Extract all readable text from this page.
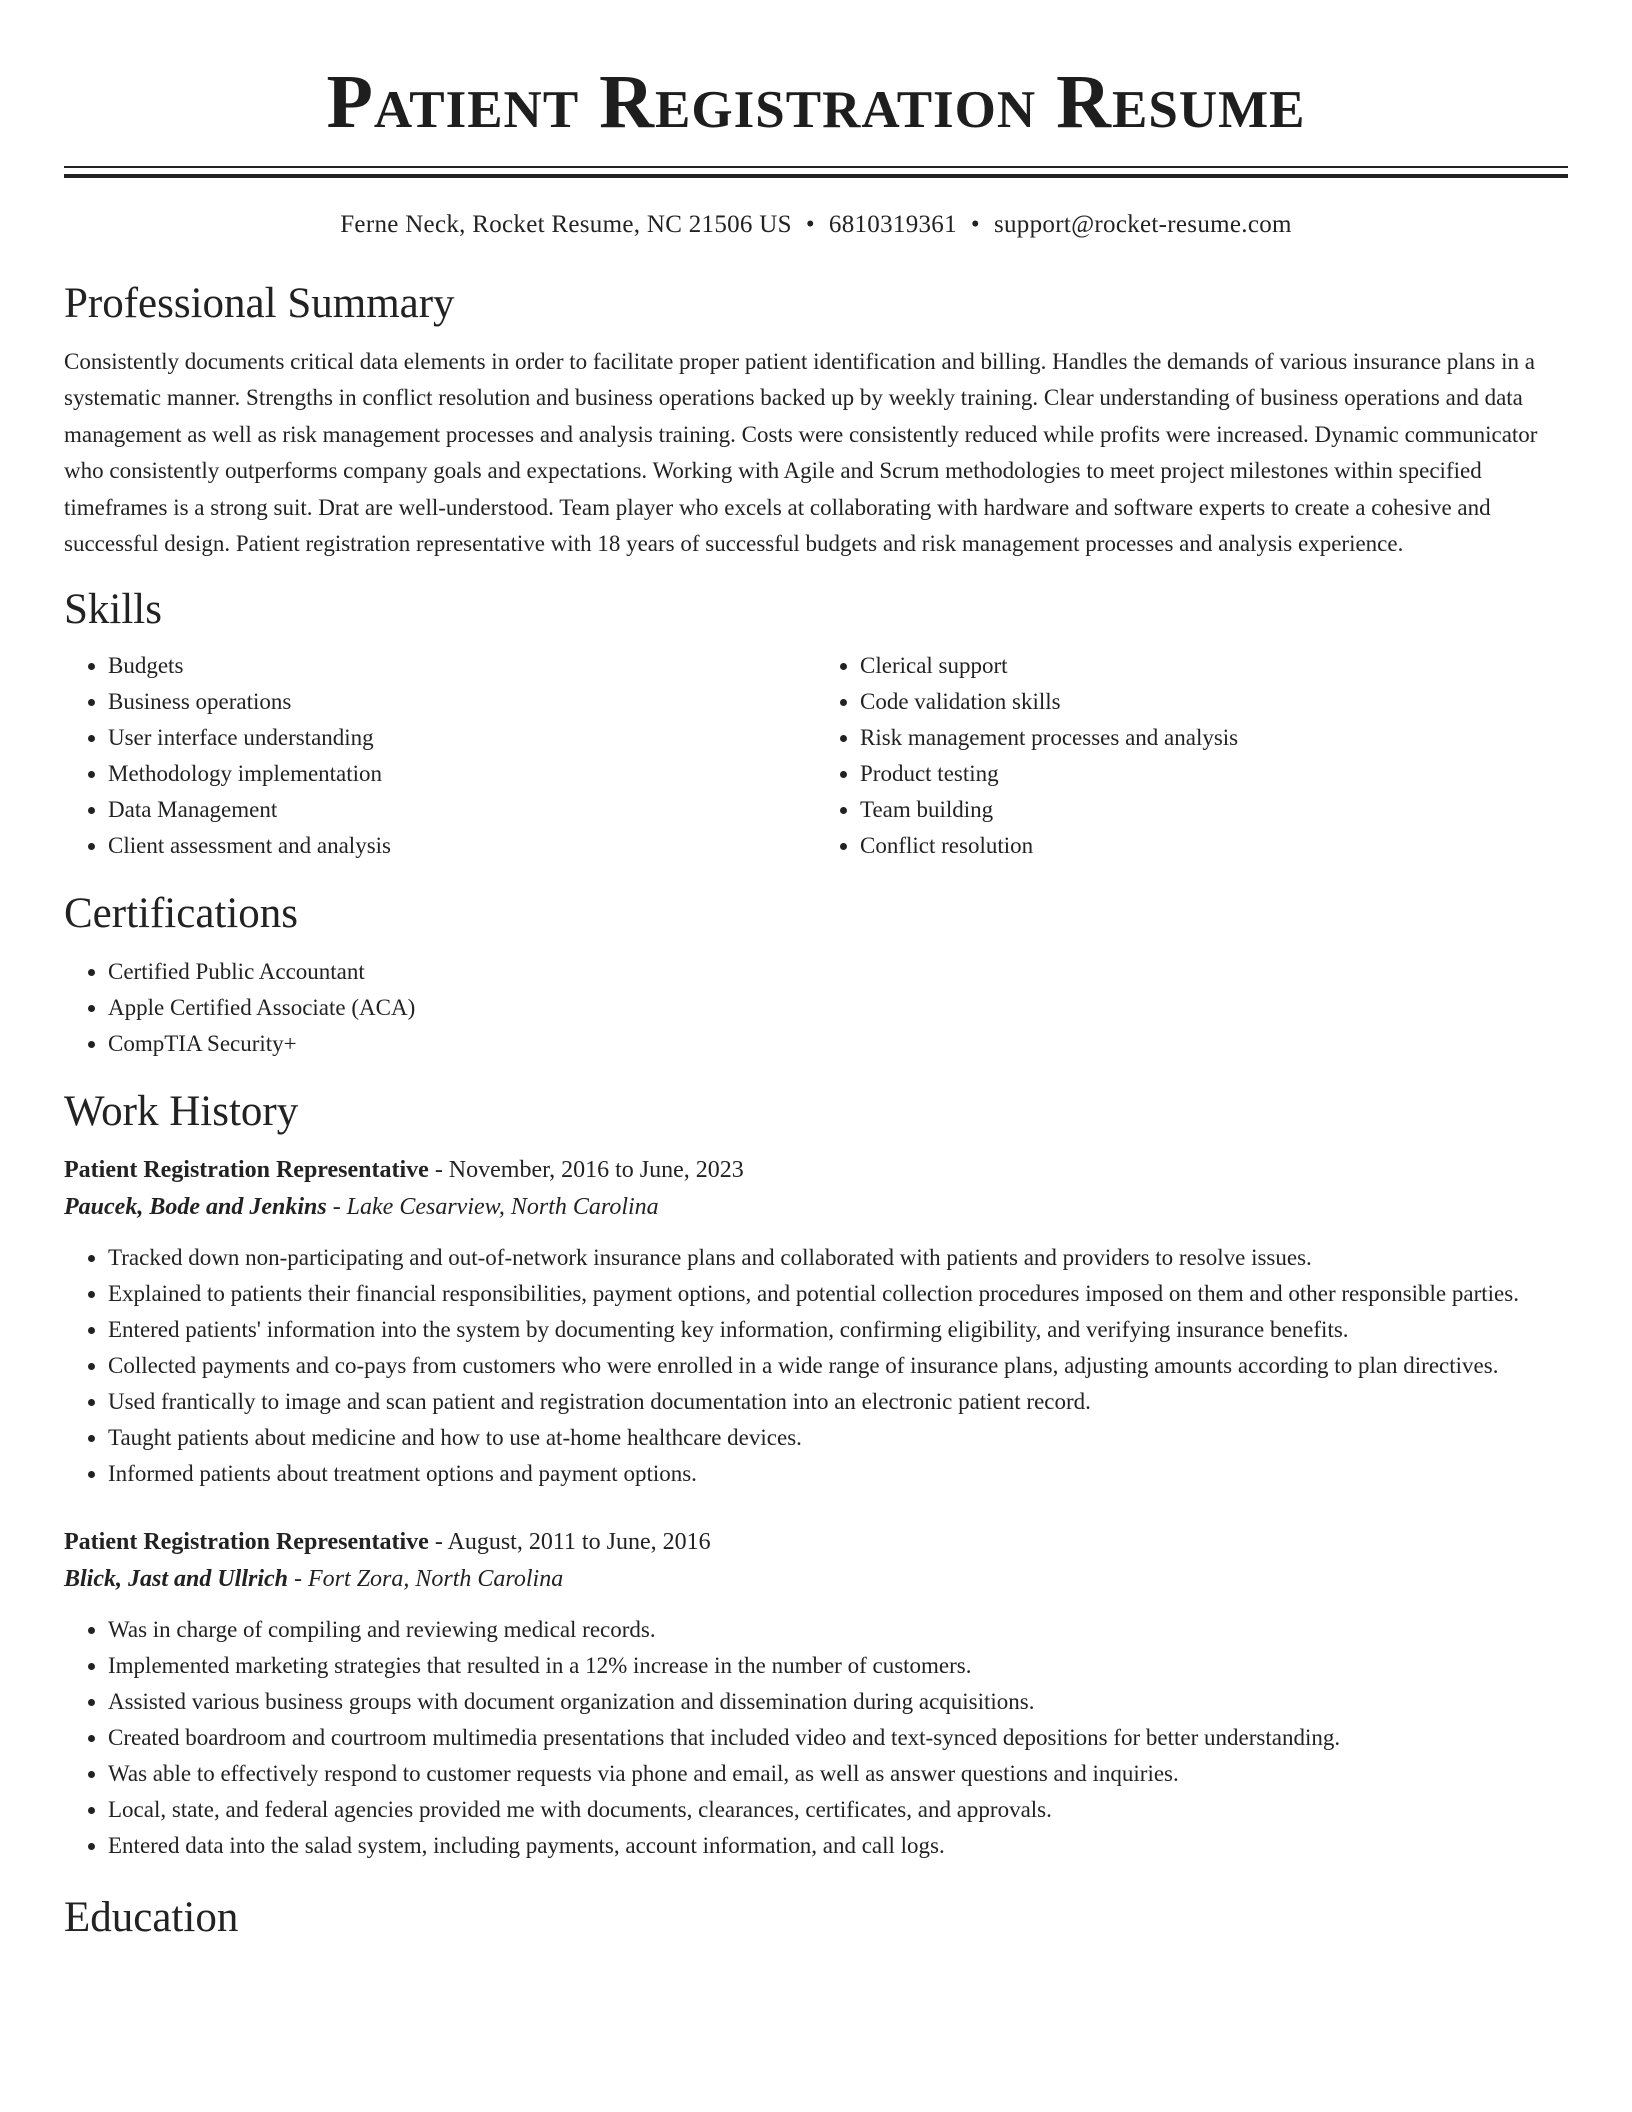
Patient Registration Resume
Ferne Neck, Rocket Resume, NC 21506 US • 6810319361 • support@rocket-resume.com
Professional Summary

Consistently documents critical data elements in order to facilitate proper patient identification and billing. Handles the demands of various insurance plans in a systematic manner. Strengths in conflict resolution and business operations backed up by weekly training. Clear understanding of business operations and data management as well as risk management processes and analysis training. Costs were consistently reduced while profits were increased. Dynamic communicator who consistently outperforms company goals and expectations. Working with Agile and Scrum methodologies to meet project milestones within specified timeframes is a strong suit. Drat are well-understood. Team player who excels at collaborating with hardware and software experts to create a cohesive and successful design. Patient registration representative with 18 years of successful budgets and risk management processes and analysis experience.

Skills
• Budgets
• Business operations
• User interface understanding
• Methodology implementation
• Data Management
• Client assessment and analysis
• Clerical support
• Code validation skills
• Risk management processes and analysis
• Product testing
• Team building
• Conflict resolution
Certifications
• Certified Public Accountant
• Apple Certified Associate (ACA)
• CompTIA Security+
Work History
Patient Registration Representative - November, 2016 to June, 2023
Paucek, Bode and Jenkins - Lake Cesarview, North Carolina
• Tracked down non-participating and out-of-network insurance plans and collaborated with patients and providers to resolve issues.
• Explained to patients their financial responsibilities, payment options, and potential collection procedures imposed on them and other responsible parties.
• Entered patients' information into the system by documenting key information, confirming eligibility, and verifying insurance benefits.
• Collected payments and co-pays from customers who were enrolled in a wide range of insurance plans, adjusting amounts according to plan directives.
• Used frantically to image and scan patient and registration documentation into an electronic patient record.
• Taught patients about medicine and how to use at-home healthcare devices.
• Informed patients about treatment options and payment options.
Patient Registration Representative - August, 2011 to June, 2016
Blick, Jast and Ullrich - Fort Zora, North Carolina
• Was in charge of compiling and reviewing medical records.
• Implemented marketing strategies that resulted in a 12% increase in the number of customers.
• Assisted various business groups with document organization and dissemination during acquisitions.
• Created boardroom and courtroom multimedia presentations that included video and text-synced depositions for better understanding.
• Was able to effectively respond to customer requests via phone and email, as well as answer questions and inquiries.
• Local, state, and federal agencies provided me with documents, clearances, certificates, and approvals.
• Entered data into the salad system, including payments, account information, and call logs.
Education
